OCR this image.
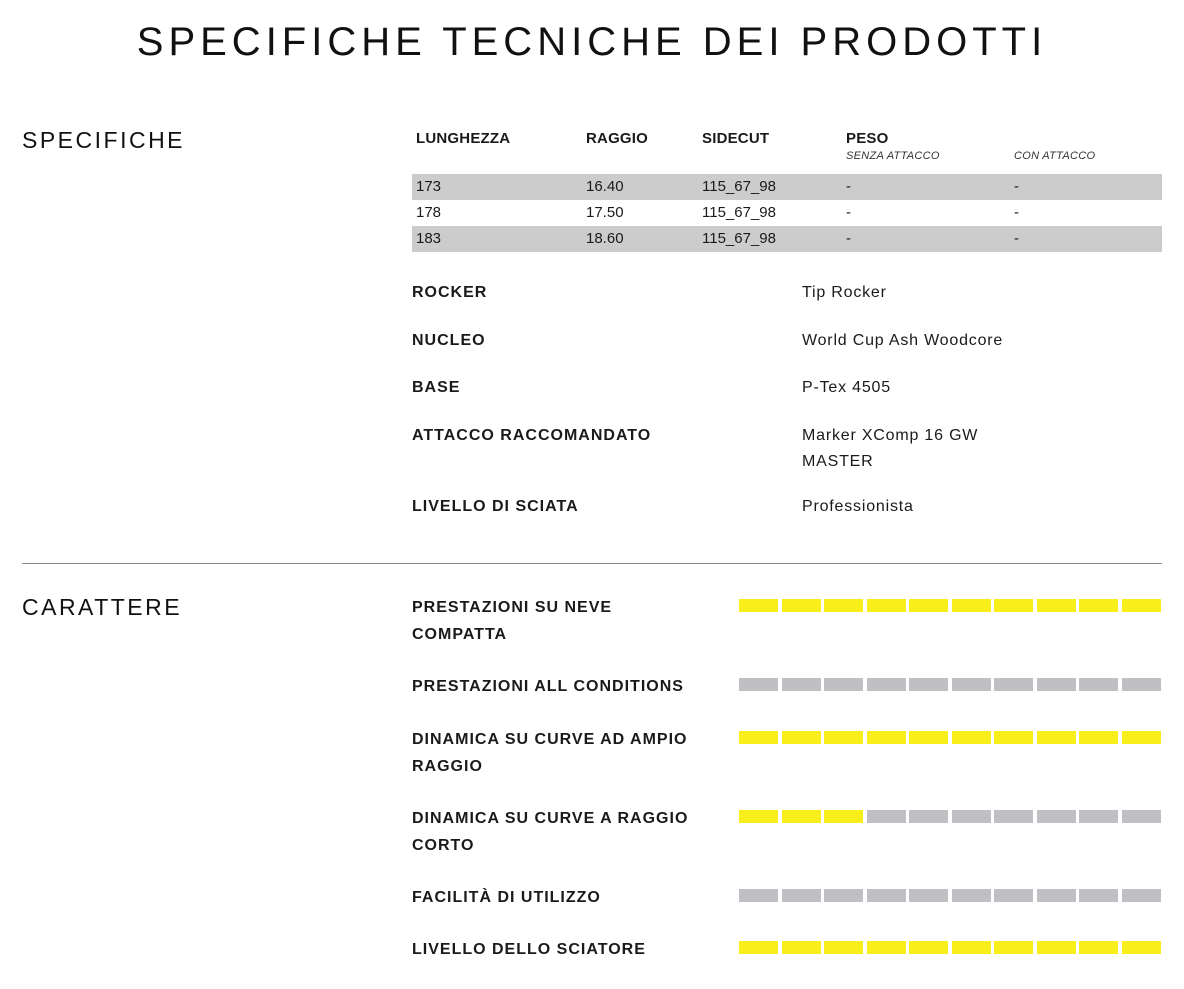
SPECIFICHE TECNICHE DEI PRODOTTI
SPECIFICHE	LUNGHEZZA	RAGGIO	SIDECUT	PESO
SENZA ATTACCO	CON ATTACCO
173	16.40	115_67_98	-	-
178	17.50	115_67_98	-	-
183	18.60	115_67_98	-	-
ROCKER	Tip Rocker
NUCLEO	World Cup Ash Woodcore
BASE	P-Tex 4505
ATTACCO RACCOMANDATO	Marker XComp 16 GW MASTER
LIVELLO DI SCIATA	Professionista
CARATTERE	PRESTAZIONI SU NEVE COMPATTA
PRESTAZIONI ALL CONDITIONS
DINAMICA SU CURVE AD AMPIO RAGGIO
DINAMICA SU CURVE A RAGGIO CORTO
FACILITÀ DI UTILIZZO
LIVELLO DELLO SCIATORE
